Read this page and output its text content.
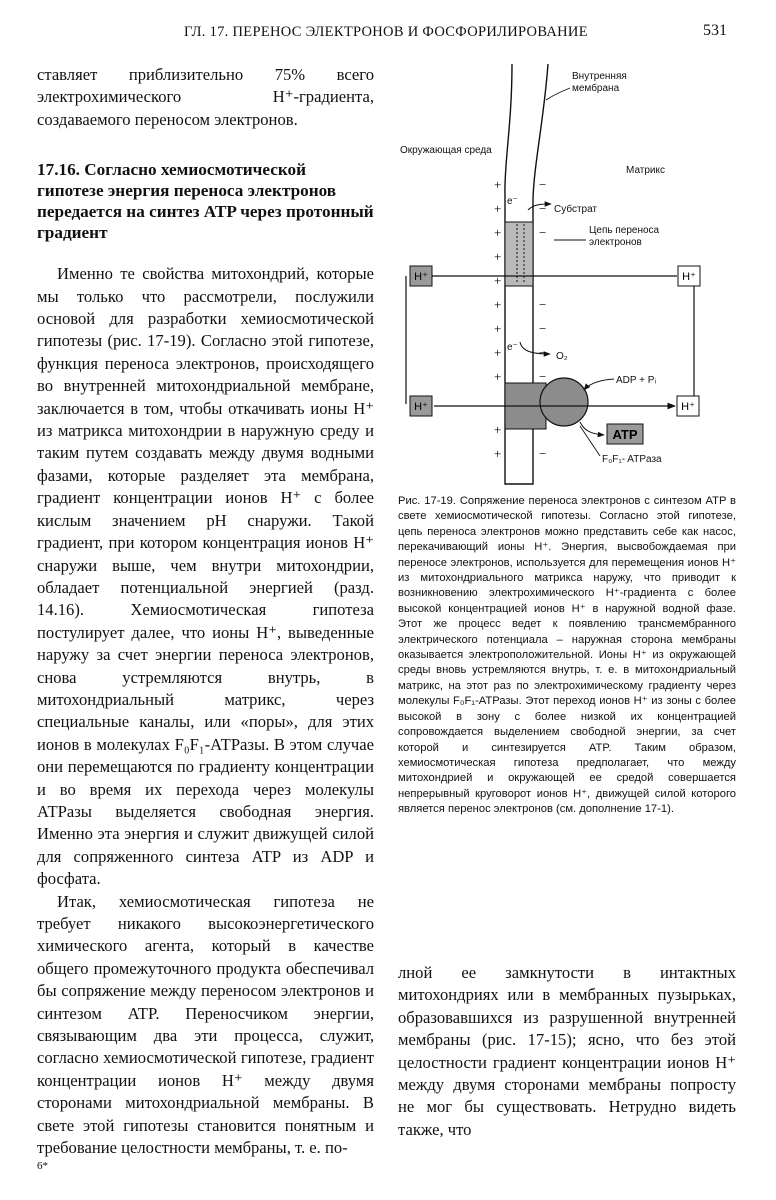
ГЛ. 17. ПЕРЕНОС ЭЛЕКТРОНОВ И ФОСФОРИЛИРОВАНИЕ	531

ставляет приблизительно 75% всего электрохимического H⁺-градиента, создаваемого переносом электронов.

17.16. Согласно хемиосмотической гипотезе энергия переноса электронов передается на синтез ATP через протонный градиент

Именно те свойства митохондрий, которые мы только что рассмотрели, послужили основой для разработки хемиосмотической гипотезы (рис. 17-19). Согласно этой гипотезе, функция переноса электронов, происходящего во внутренней митохондриальной мембране, заключается в том, чтобы откачивать ионы H⁺ из матрикса митохондрии в наружную среду и таким путем создавать между двумя водными фазами, которые разделяет эта мембрана, градиент концентрации ионов H⁺ с более кислым значением pH снаружи. Такой градиент, при котором концентрация ионов H⁺ снаружи выше, чем внутри митохондрии, обладает потенциальной энергией (разд. 14.16). Хемиосмотическая гипотеза постулирует далее, что ионы H⁺, выведенные наружу за счет энергии переноса электронов, снова устремляются внутрь, в митохондриальный матрикс, через специальные каналы, или «поры», для этих ионов в молекулах F₀F₁-АТРазы. В этом случае они перемещаются по градиенту концентрации и во время их перехода через молекулы АТРазы выделяется свободная энергия. Именно эта энергия и служит движущей силой для сопряженного синтеза ATP из ADP и фосфата.

Итак, хемиосмотическая гипотеза не требует никакого высокоэнергетического химического агента, который в качестве общего промежуточного продукта обеспечивал бы сопряжение между переносом электронов и синтезом ATP. Переносчиком энергии, связывающим два эти процесса, служит, согласно хемиосмотической гипотезе, градиент концентрации ионов H⁺ между двумя сторонами митохондриальной мембраны. В свете этой гипотезы становится понятным и требование целостности мембраны, т. е. по-

+
+
+
+
+
+
+
+
+
+
+
−
−
−
−
−
−
−
−
Внутренняя
мембрана
Окружающая среда
Матрикс
e⁻
Субстрат
Цепь переноса
электронов
e⁻
O₂
ADP + Pᵢ
F₀F₁- ATPаза
ATP
H⁺
H⁺
H⁺
H⁺

Рис. 17-19. Сопряжение переноса электронов с синтезом ATP в свете хемиосмотической гипотезы. Согласно этой гипотезе, цепь переноса электронов можно представить себе как насос, перекачивающий ионы H⁺. Энергия, высвобождаемая при переносе электронов, используется для перемещения ионов H⁺ из митохондриального матрикса наружу, что приводит к возникновению электрохимического H⁺-градиента с более высокой концентрацией ионов H⁺ в наружной водной фазе. Этот же процесс ведет к появлению трансмембранного электрического потенциала – наружная сторона мембраны оказывается электроположительной. Ионы H⁺ из окружающей среды вновь устремляются внутрь, т. е. в митохондриальный матрикс, на этот раз по электрохимическому градиенту через молекулы F₀F₁-АТРазы. Этот переход ионов H⁺ из зоны с более высокой в зону с более низкой их концентрацией сопровождается выделением свободной энергии, за счет которой и синтезируется ATP. Таким образом, хемиосмотическая гипотеза предполагает, что между митохондрией и окружающей ее средой совершается непрерывный круговорот ионов H⁺, движущей силой которого является перенос электронов (см. дополнение 17-1).

лной ее замкнутости в интактных митохондриях или в мембранных пузырьках, образовавшихся из разрушенной внутренней мембраны (рис. 17-15); ясно, что без этой целостности градиент концентрации ионов H⁺ между двумя сторонами мембраны попросту не мог бы существовать. Нетрудно видеть также, что

6*
